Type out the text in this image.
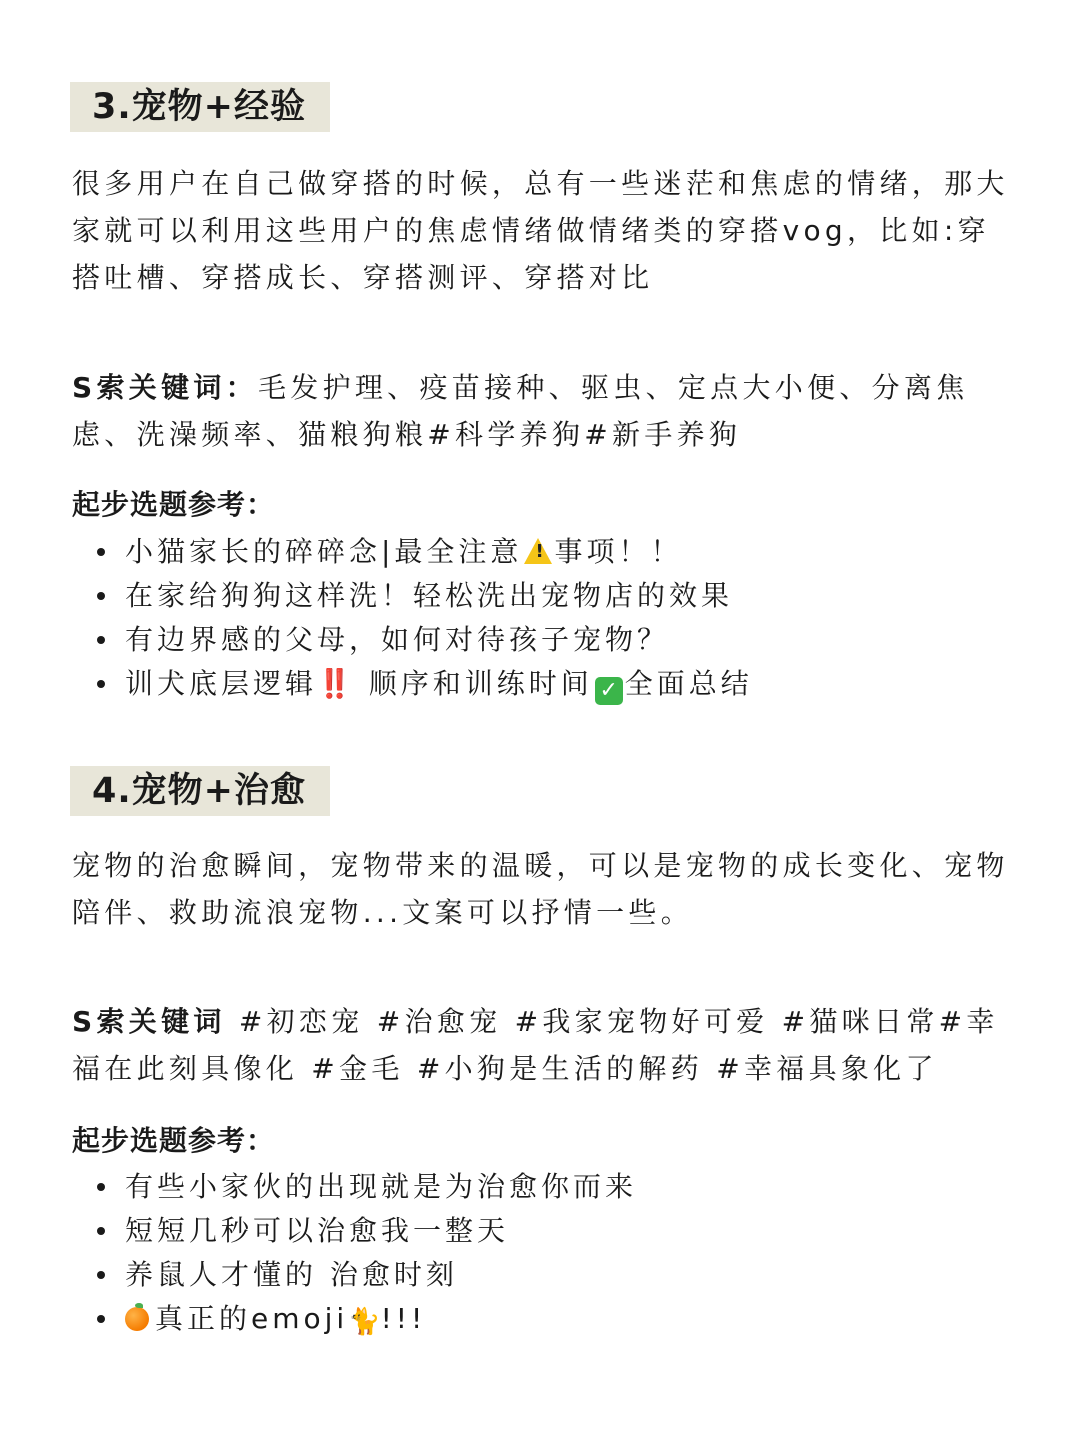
3.宠物+经验

很多用户在自己做穿搭的时候，总有一些迷茫和焦虑的情绪，那大家就可以利用这些用户的焦虑情绪做情绪类的穿搭vog，比如:穿搭吐槽、穿搭成长、穿搭测评、穿搭对比

S索关键词：毛发护理、疫苗接种、驱虫、定点大小便、分离焦虑、洗澡频率、猫粮狗粮#科学养狗#新手养狗

起步选题参考：
小猫家长的碎碎念|最全注意! 事项！！
在家给狗狗这样洗！轻松洗出宠物店的效果
有边界感的父母，如何对待孩子宠物？
训犬底层逻辑‼️ 顺序和训练时间 ✓ 全面总结
4.宠物+治愈

宠物的治愈瞬间，宠物带来的温暖，可以是宠物的成长变化、宠物陪伴、救助流浪宠物...文案可以抒情一些。

S索关键词 #初恋宠 #治愈宠 #我家宠物好可爱 #猫咪日常#幸福在此刻具像化 #金毛 #小狗是生活的解药 #幸福具象化了

起步选题参考：
有些小家伙的出现就是为治愈你而来
短短几秒可以治愈我一整天
养鼠人才懂的 治愈时刻
真正的emoji🐈!!!
